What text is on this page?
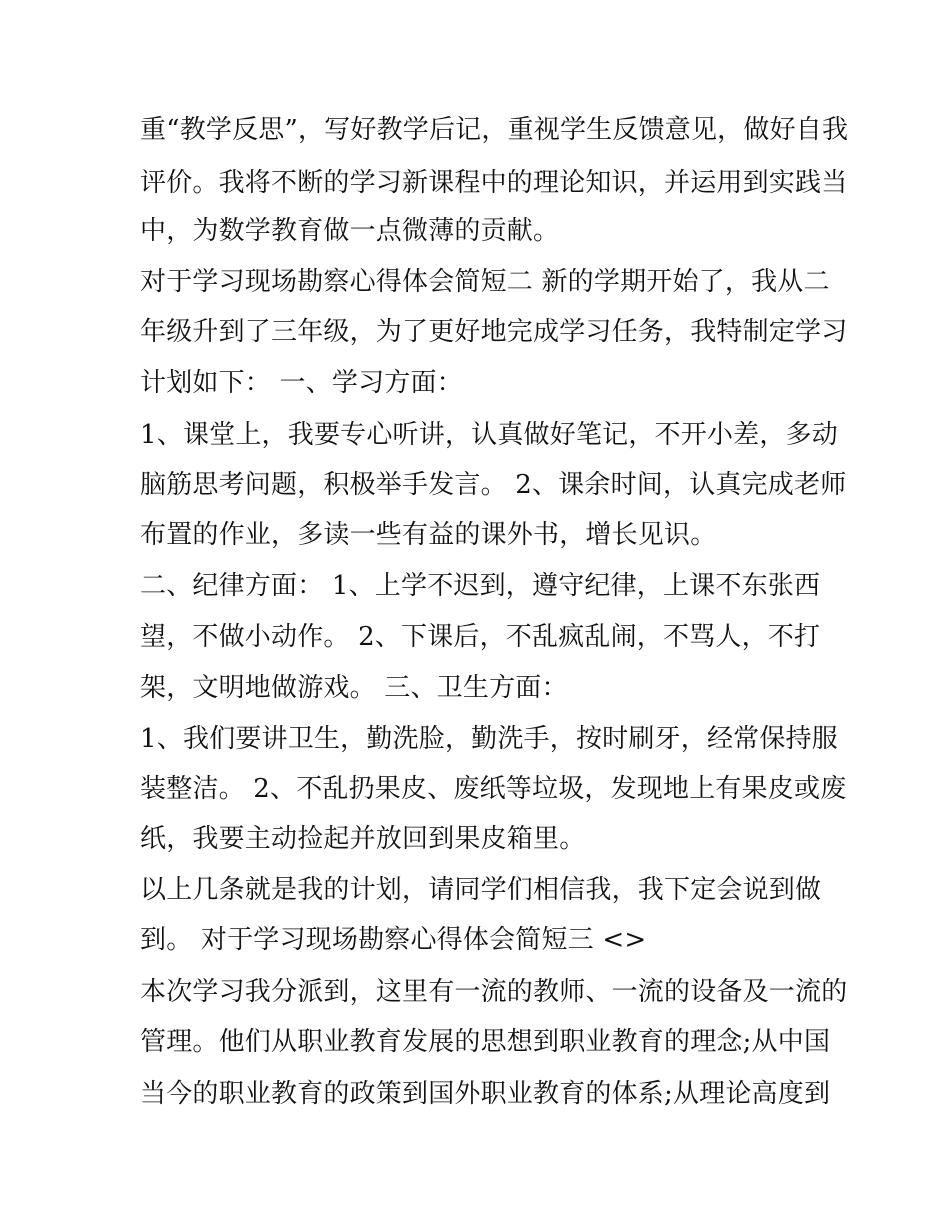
重“教学反思”，写好教学后记，重视学生反馈意见，做好自我
评价。我将不断的学习新课程中的理论知识，并运用到实践当
中，为数学教育做一点微薄的贡献。
对于学习现场勘察心得体会简短二 新的学期开始了，我从二
年级升到了三年级，为了更好地完成学习任务，我特制定学习
计划如下： 一、学习方面：
1、课堂上，我要专心听讲，认真做好笔记，不开小差，多动
脑筋思考问题，积极举手发言。 2、课余时间，认真完成老师
布置的作业，多读一些有益的课外书，增长见识。
二、纪律方面： 1、上学不迟到，遵守纪律，上课不东张西
望，不做小动作。 2、下课后，不乱疯乱闹，不骂人，不打
架，文明地做游戏。 三、卫生方面：
1、我们要讲卫生，勤洗脸，勤洗手，按时刷牙，经常保持服
装整洁。 2、不乱扔果皮、废纸等垃圾，发现地上有果皮或废
纸，我要主动捡起并放回到果皮箱里。
以上几条就是我的计划，请同学们相信我，我下定会说到做
到。 对于学习现场勘察心得体会简短三 <>
本次学习我分派到，这里有一流的教师、一流的设备及一流的
管理。他们从职业教育发展的思想到职业教育的理念;从中国
当今的职业教育的政策到国外职业教育的体系;从理论高度到
